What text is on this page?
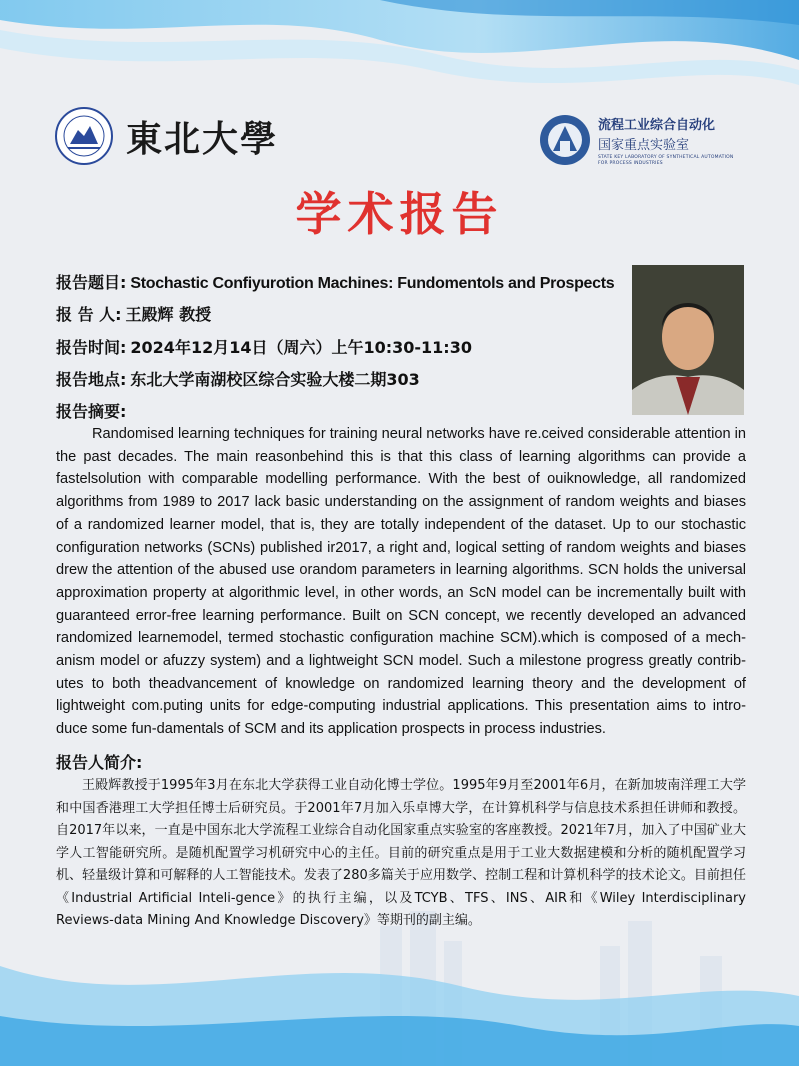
東北大學	流程工业综合自动化
国家重点实验室
STATE KEY LABORATORY OF SYNTHETICAL AUTOMATION FOR PROCESS INDUSTRIES
学术报告
报告题目: Stochastic Confiyurotion Machines: Fundomentols and Prospects
报 告 人: 王殿辉 教授
报告时间: 2024年12月14日（周六）上午10:30-11:30
报告地点: 东北大学南湖校区综合实验大楼二期303
报告摘要:

Randomised learning techniques for training neural networks have re.ceived considerable attention in the past decades. The main reasonbehind this is that this class of learning algorithms can provide a fastelsolution with comparable modelling performance. With the best of ouiknowledge, all randomized algorithms from 1989 to 2017 lack basic understanding on the assignment of random weights and biases of a randomized learner model, that is, they are totally independent of the dataset. Up to our stochastic configuration networks (SCNs) published ir2017, a right and, logical setting of random weights and biases drew the attention of the abused use orandom parameters in learning algorithms. SCN holds the universal approximation property at algorithmic level, in other words, an ScN model can be incrementally built with guaranteed error-free learning performance. Built on SCN concept, we recently developed an advanced randomized learnemodel, termed stochastic configuration machine SCM).which is composed of a mech-anism model or afuzzy system) and a lightweight SCN model. Such a milestone progress greatly contrib-utes to both theadvancement of knowledge on randomized learning theory and the development of lightweight com.puting units for edge-computing industrial applications. This presentation aims to intro-duce some fun-damentals of SCM and its application prospects in process industries.

报告人简介:

王殿辉教授于1995年3月在东北大学获得工业自动化博士学位。1995年9月至2001年6月，在新加坡南洋理工大学和中国香港理工大学担任博士后研究员。于2001年7月加入乐卓博大学，在计算机科学与信息技术系担任讲师和教授。自2017年以来，一直是中国东北大学流程工业综合自动化国家重点实验室的客座教授。2021年7月，加入了中国矿业大学人工智能研究所。是随机配置学习机研究中心的主任。目前的研究重点是用于工业大数据建模和分析的随机配置学习机、轻量级计算和可解释的人工智能技术。发表了280多篇关于应用数学、控制工程和计算机科学的技术论文。目前担任《Industrial Artificial Inteli-gence》的执行主编，以及TCYB、TFS、INS、AIR和《Wiley Interdisciplinary Reviews-data Mining And Knowledge Discovery》等期刊的副主编。
